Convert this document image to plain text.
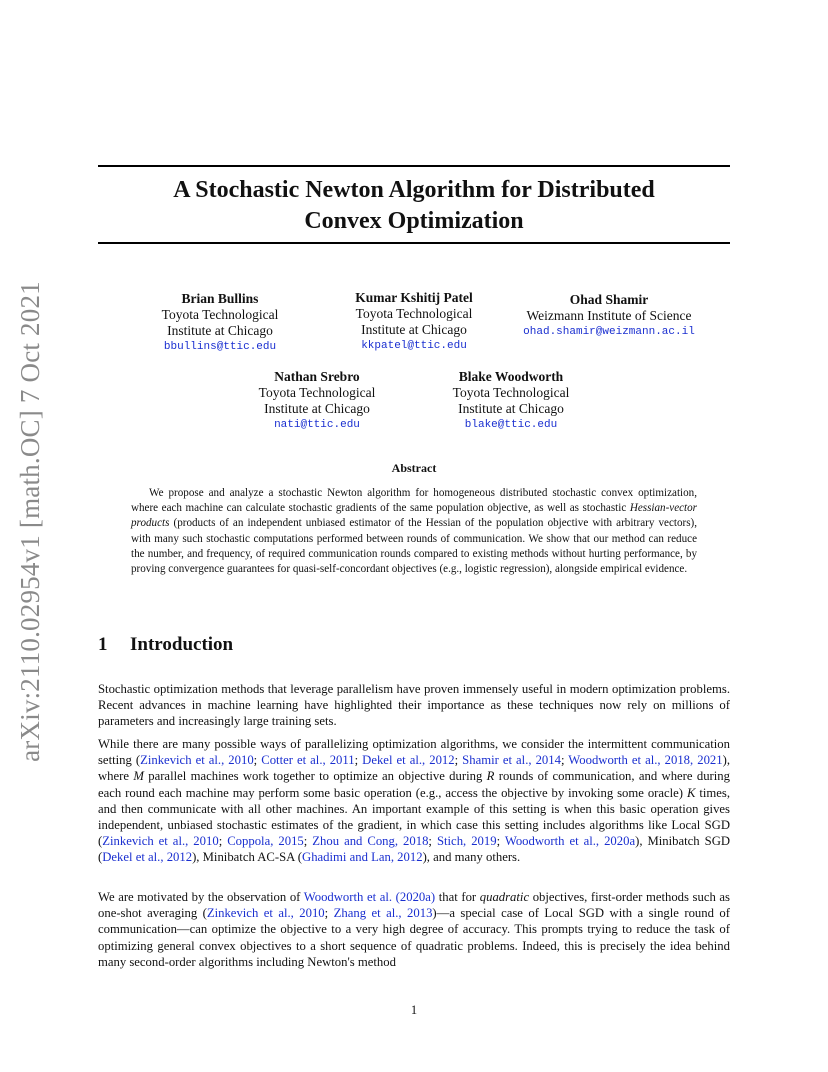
arXiv:2110.02954v1 [math.OC] 7 Oct 2021
A Stochastic Newton Algorithm for Distributed
Convex Optimization
Brian Bullins
Toyota Technological
Institute at Chicago
bbullins@ttic.edu
Kumar Kshitij Patel
Toyota Technological
Institute at Chicago
kkpatel@ttic.edu
Ohad Shamir
Weizmann Institute of Science
ohad.shamir@weizmann.ac.il
Nathan Srebro
Toyota Technological
Institute at Chicago
nati@ttic.edu
Blake Woodworth
Toyota Technological
Institute at Chicago
blake@ttic.edu
Abstract
We propose and analyze a stochastic Newton algorithm for homogeneous distributed stochastic convex optimization, where each machine can calculate stochastic gradients of the same population objective, as well as stochastic Hessian-vector products (products of an independent unbiased estimator of the Hessian of the population objective with arbitrary vectors), with many such stochastic computations performed between rounds of communication. We show that our method can reduce the number, and frequency, of required communication rounds compared to existing methods without hurting performance, by proving convergence guarantees for quasi-self-concordant objectives (e.g., logistic regression), alongside empirical evidence.
1 Introduction

Stochastic optimization methods that leverage parallelism have proven immensely useful in modern optimization problems. Recent advances in machine learning have highlighted their importance as these techniques now rely on millions of parameters and increasingly large training sets.

While there are many possible ways of parallelizing optimization algorithms, we consider the intermittent communication setting (Zinkevich et al., 2010; Cotter et al., 2011; Dekel et al., 2012; Shamir et al., 2014; Woodworth et al., 2018, 2021), where M parallel machines work together to optimize an objective during R rounds of communication, and where during each round each machine may perform some basic operation (e.g., access the objective by invoking some oracle) K times, and then communicate with all other machines. An important example of this setting is when this basic operation gives independent, unbiased stochastic estimates of the gradient, in which case this setting includes algorithms like Local SGD (Zinkevich et al., 2010; Coppola, 2015; Zhou and Cong, 2018; Stich, 2019; Woodworth et al., 2020a), Minibatch SGD (Dekel et al., 2012), Minibatch AC-SA (Ghadimi and Lan, 2012), and many others.

We are motivated by the observation of Woodworth et al. (2020a) that for quadratic objectives, first-order methods such as one-shot averaging (Zinkevich et al., 2010; Zhang et al., 2013)—a special case of Local SGD with a single round of communication—can optimize the objective to a very high degree of accuracy. This prompts trying to reduce the task of optimizing general convex objectives to a short sequence of quadratic problems. Indeed, this is precisely the idea behind many second-order algorithms including Newton's method

1
